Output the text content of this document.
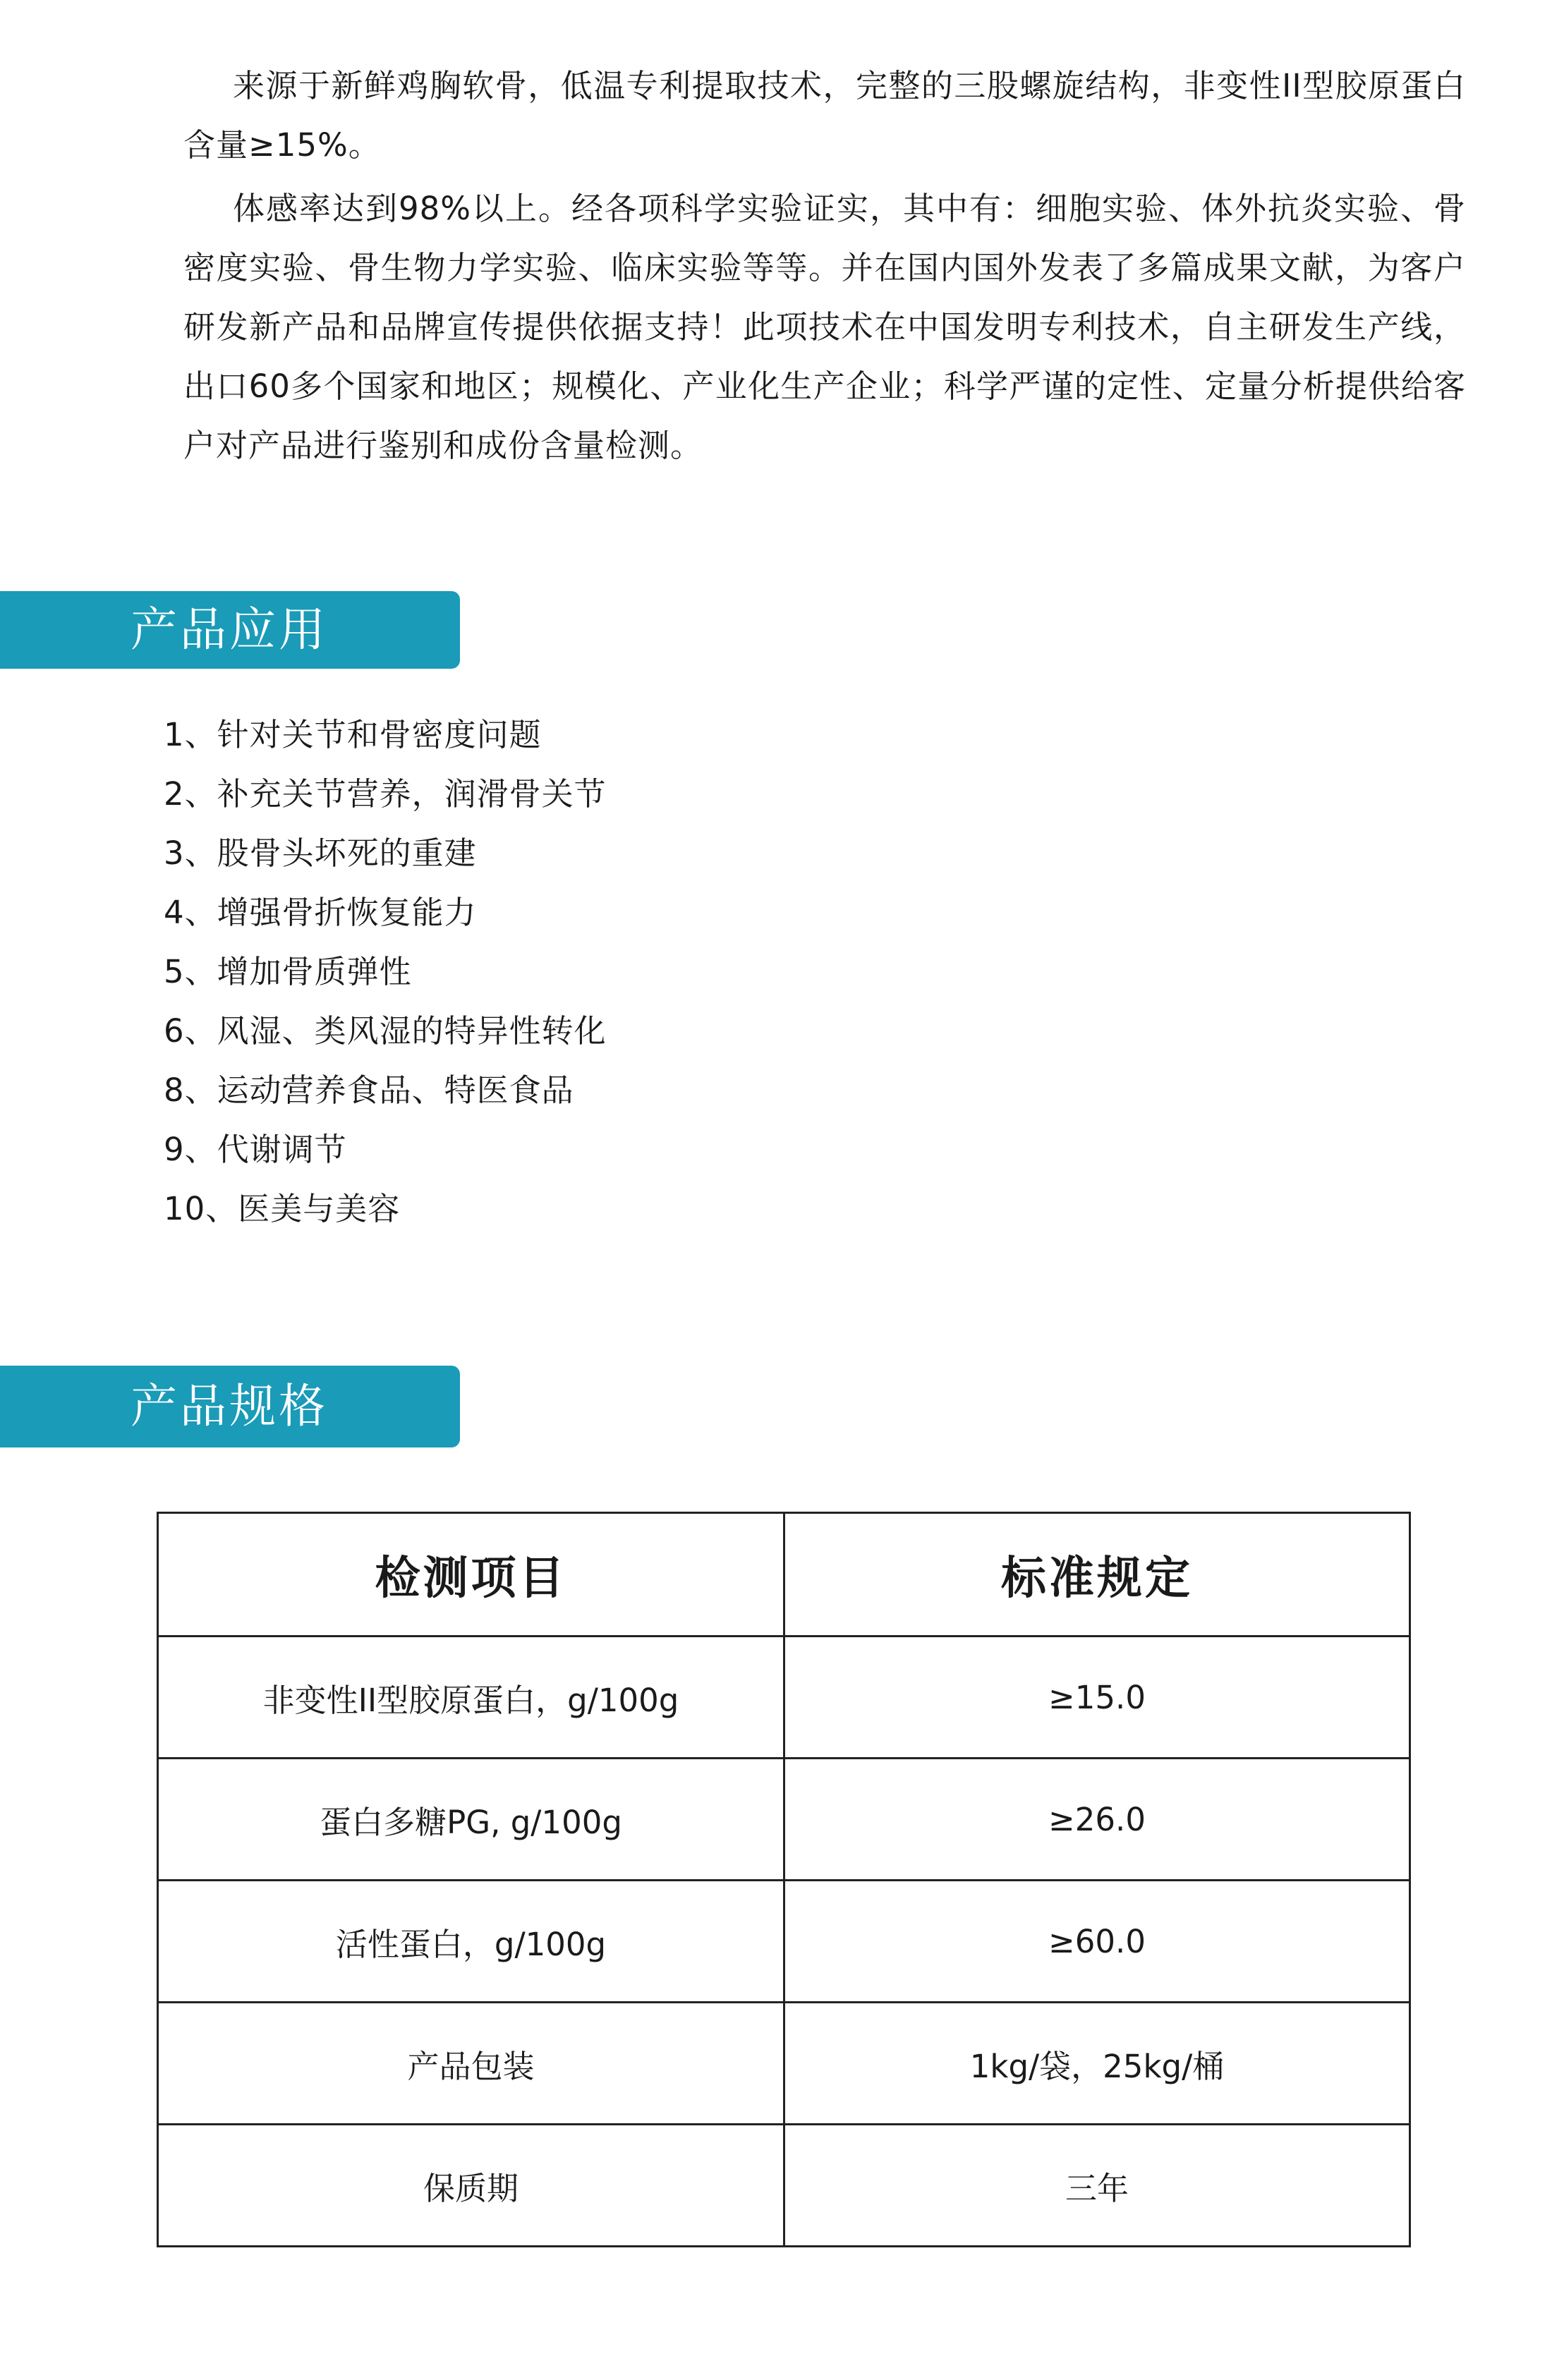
来源于新鲜鸡胸软骨，低温专利提取技术，完整的三股螺旋结构，非变性II型胶原蛋白含量≥15%。

体感率达到98%以上。经各项科学实验证实，其中有：细胞实验、体外抗炎实验、骨密度实验、骨生物力学实验、临床实验等等。并在国内国外发表了多篇成果文献，为客户研发新产品和品牌宣传提供依据支持！此项技术在中国发明专利技术，自主研发生产线，出口60多个国家和地区；规模化、产业化生产企业；科学严谨的定性、定量分析提供给客户对产品进行鉴别和成份含量检测。

产品应用
1、针对关节和骨密度问题
2、补充关节营养，润滑骨关节
3、股骨头坏死的重建
4、增强骨折恢复能力
5、增加骨质弹性
6、风湿、类风湿的特异性转化
8、运动营养食品、特医食品
9、代谢调节
10、医美与美容
产品规格
检测项目	标准规定
非变性II型胶原蛋白，g/100g	≥15.0
蛋白多糖PG, g/100g	≥26.0
活性蛋白，g/100g	≥60.0
产品包装	1kg/袋，25kg/桶
保质期	三年
